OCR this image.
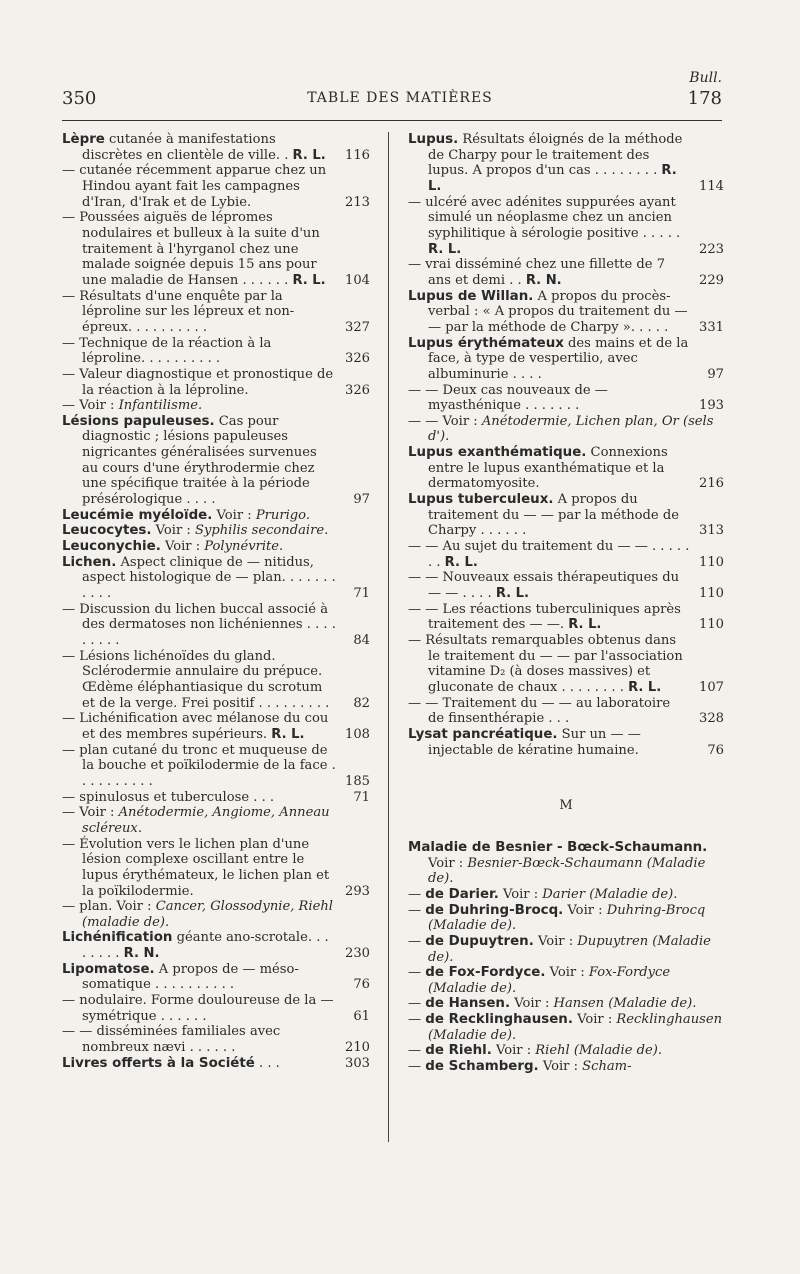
Bull.
350	TABLE DES MATIÈRES	178

Lèpre cutanée à manifestations discrètes en clientèle de ville. . R. L. 116

— cutanée récemment apparue chez un Hindou ayant fait les campagnes d'Iran, d'Irak et de Lybie.	213

— Poussées aiguës de lépromes nodulaires et bulleux à la suite d'un traitement à l'hyrganol chez une malade soignée depuis 15 ans pour une maladie de Hansen . . . . . . R. L. 104

— Résultats d'une enquête par la léproline sur les lépreux et non-épreux. . . . . . . . . .	327

— Technique de la réaction à la léproline. . . . . . . . . .	326

— Valeur diagnostique et pronostique de la réaction à la léproline.	326

— Voir : Infantilisme.

Lésions papuleuses. Cas pour diagnostic ; lésions papuleuses nigricantes généralisées survenues au cours d'une érythrodermie chez une spécifique traitée à la période présérologique . . . .	97

Leucémie myéloïde. Voir : Prurigo.

Leucocytes. Voir : Syphilis secondaire.

Leuconychie. Voir : Polynévrite.

Lichen. Aspect clinique de — nitidus, aspect histologique de — plan. . . . . . . . . . .	71

— Discussion du lichen buccal associé à des dermatoses non lichéniennes . . . . . . . . .	84

— Lésions lichénoïdes du gland. Sclérodermie annulaire du prépuce. Œdème éléphantiasique du scrotum et de la verge. Frei positif . . . . . . . . . 82

— Lichénification avec mélanose du cou et des membres supérieurs. R. L.	108

— plan cutané du tronc et muqueuse de la bouche et poïkilodermie de la face . . . . . . . . . .	185

— spinulosus et tuberculose . . .	71

— Voir : Anétodermie, Angiome, Anneau scléreux.

— Évolution vers le lichen plan d'une lésion complexe oscillant entre le lupus érythémateux, le lichen plan et la poïkilodermie.	293

— plan. Voir : Cancer, Glossodynie, Riehl (maladie de).

Lichénification géante ano-scrotale. . . . . . . . R. N.	230

Lipomatose. A propos de — méso-somatique . . . . . . . . . .	76

— nodulaire. Forme douloureuse de la — symétrique . . . . . .	61

— — disséminées familiales avec nombreux nævi . . . . . .	210

Livres offerts à la Société . . .	303

Lupus. Résultats éloignés de la méthode de Charpy pour le traitement des lupus. A propos d'un cas . . . . . . . . R. L.	114

— ulcéré avec adénites suppurées ayant simulé un néoplasme chez un ancien syphilitique à sérologie positive . . . . . R. L.	223

— vrai disséminé chez une fillette de 7 ans et demi . . R. N.	229

Lupus de Willan. A propos du procès-verbal : « A propos du traitement du — — par la méthode de Charpy ». . . . . 331

Lupus érythémateux des mains et de la face, à type de vespertilio, avec albuminurie . . . .	97

— — Deux cas nouveaux de — myasthénique . . . . . . .	193

— — Voir : Anétodermie, Lichen plan, Or (sels d').

Lupus exanthématique. Connexions entre le lupus exanthématique et la dermatomyosite.	216

Lupus tuberculeux. A propos du traitement du — — par la méthode de Charpy . . . . . .	313

— — Au sujet du traitement du — — . . . . . . . R. L.	110

— — Nouveaux essais thérapeutiques du — — . . . . R. L.	110

— — Les réactions tuberculiniques après traitement des — —. R. L.	110

— Résultats remarquables obtenus dans le traitement du — — par l'association vitamine D₂ (à doses massives) et gluconate de chaux . . . . . . . . R. L.	107

— — Traitement du — — au laboratoire de finsenthérapie . . .	328

Lysat pancréatique. Sur un — — injectable de kératine humaine.	76

M

Maladie de Besnier - Bœck-Schaumann. Voir : Besnier-Bœck-Schaumann (Maladie de).

— de Darier. Voir : Darier (Maladie de).

— de Duhring-Brocq. Voir : Duhring-Brocq (Maladie de).

— de Dupuytren. Voir : Dupuytren (Maladie de).

— de Fox-Fordyce. Voir : Fox-Fordyce (Maladie de).

— de Hansen. Voir : Hansen (Maladie de).

— de Recklinghausen. Voir : Recklinghausen (Maladie de).

— de Riehl. Voir : Riehl (Maladie de).

— de Schamberg. Voir : Scham-
